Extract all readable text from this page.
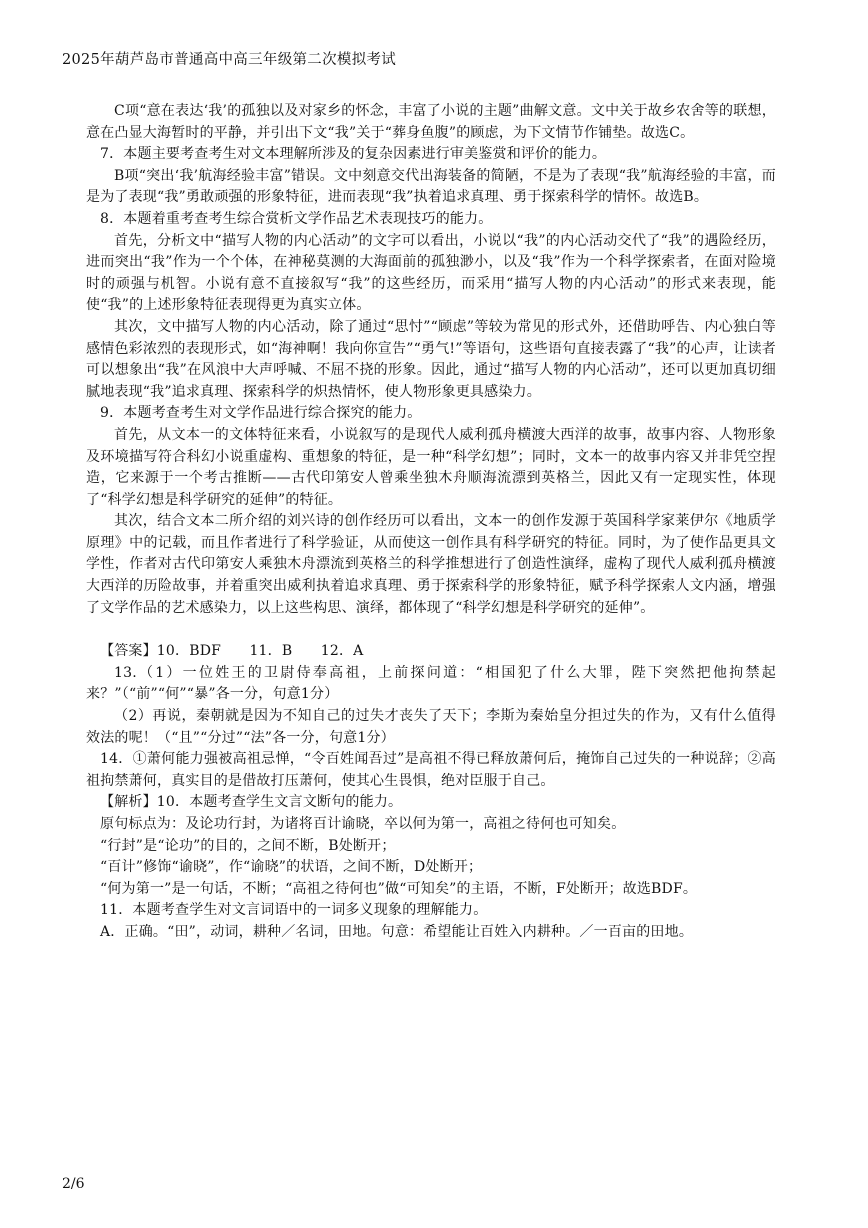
2025年葫芦岛市普通高中高三年级第二次模拟考试

C项“意在表达‘我’的孤独以及对家乡的怀念，丰富了小说的主题”曲解文意。文中关于故乡农舍等的联想，意在凸显大海暂时的平静，并引出下文“我”关于“葬身鱼腹”的顾虑，为下文情节作铺垫。故选C。

7．本题主要考查考生对文本理解所涉及的复杂因素进行审美鉴赏和评价的能力。

B项“突出‘我’航海经验丰富”错误。文中刻意交代出海装备的简陋，不是为了表现“我”航海经验的丰富，而是为了表现“我”勇敢顽强的形象特征，进而表现“我”执着追求真理、勇于探索科学的情怀。故选B。

8．本题着重考查考生综合赏析文学作品艺术表现技巧的能力。

首先，分析文中“描写人物的内心活动”的文字可以看出，小说以“我”的内心活动交代了“我”的遇险经历，进而突出“我”作为一个个体，在神秘莫测的大海面前的孤独渺小，以及“我”作为一个科学探索者，在面对险境时的顽强与机智。小说有意不直接叙写“我”的这些经历，而采用“描写人物的内心活动”的形式来表现，能使“我”的上述形象特征表现得更为真实立体。

其次，文中描写人物的内心活动，除了通过“思忖”“顾虑”等较为常见的形式外，还借助呼告、内心独白等感情色彩浓烈的表现形式，如“海神啊！我向你宣告”“勇气!”等语句，这些语句直接表露了“我”的心声，让读者可以想象出“我”在风浪中大声呼喊、不屈不挠的形象。因此，通过“描写人物的内心活动”，还可以更加真切细腻地表现“我”追求真理、探索科学的炽热情怀，使人物形象更具感染力。

9．本题考查考生对文学作品进行综合探究的能力。

首先，从文本一的文体特征来看，小说叙写的是现代人威利孤舟横渡大西洋的故事，故事内容、人物形象及环境描写符合科幻小说重虚构、重想象的特征，是一种“科学幻想”；同时，文本一的故事内容又并非凭空捏造，它来源于一个考古推断——古代印第安人曾乘坐独木舟顺海流漂到英格兰，因此又有一定现实性，体现了“科学幻想是科学研究的延伸”的特征。

其次，结合文本二所介绍的刘兴诗的创作经历可以看出，文本一的创作发源于英国科学家莱伊尔《地质学原理》中的记载，而且作者进行了科学验证，从而使这一创作具有科学研究的特征。同时，为了使作品更具文学性，作者对古代印第安人乘独木舟漂流到英格兰的科学推想进行了创造性演绎，虚构了现代人威利孤舟横渡大西洋的历险故事，并着重突出威利执着追求真理、勇于探索科学的形象特征，赋予科学探索人文内涵，增强了文学作品的艺术感染力，以上这些构思、演绎，都体现了“科学幻想是科学研究的延伸”。

【答案】10．BDF　　11．B　　12．A

13.（1）一位姓王的卫尉侍奉高祖，上前探问道：“相国犯了什么大罪，陛下突然把他拘禁起来？”（“前”“何”“暴”各一分，句意1分）

（2）再说，秦朝就是因为不知自己的过失才丧失了天下；李斯为秦始皇分担过失的作为，又有什么值得效法的呢！（“且”“分过”“法”各一分，句意1分）

14．①萧何能力强被高祖忌惮，“令百姓闻吾过”是高祖不得已释放萧何后，掩饰自己过失的一种说辞；②高祖拘禁萧何，真实目的是借故打压萧何，使其心生畏惧，绝对臣服于自己。

【解析】10．本题考查学生文言文断句的能力。

原句标点为：及论功行封，为诸将百计谕晓，卒以何为第一，高祖之待何也可知矣。

“行封”是“论功”的目的，之间不断，B处断开；

“百计”修饰“谕晓”，作“谕晓”的状语，之间不断，D处断开；

“何为第一”是一句话，不断；“高祖之待何也”做“可知矣”的主语，不断，F处断开；故选BDF。

11．本题考查学生对文言词语中的一词多义现象的理解能力。

A．正确。“田”，动词，耕种／名词，田地。句意：希望能让百姓入内耕种。／一百亩的田地。

2/6
